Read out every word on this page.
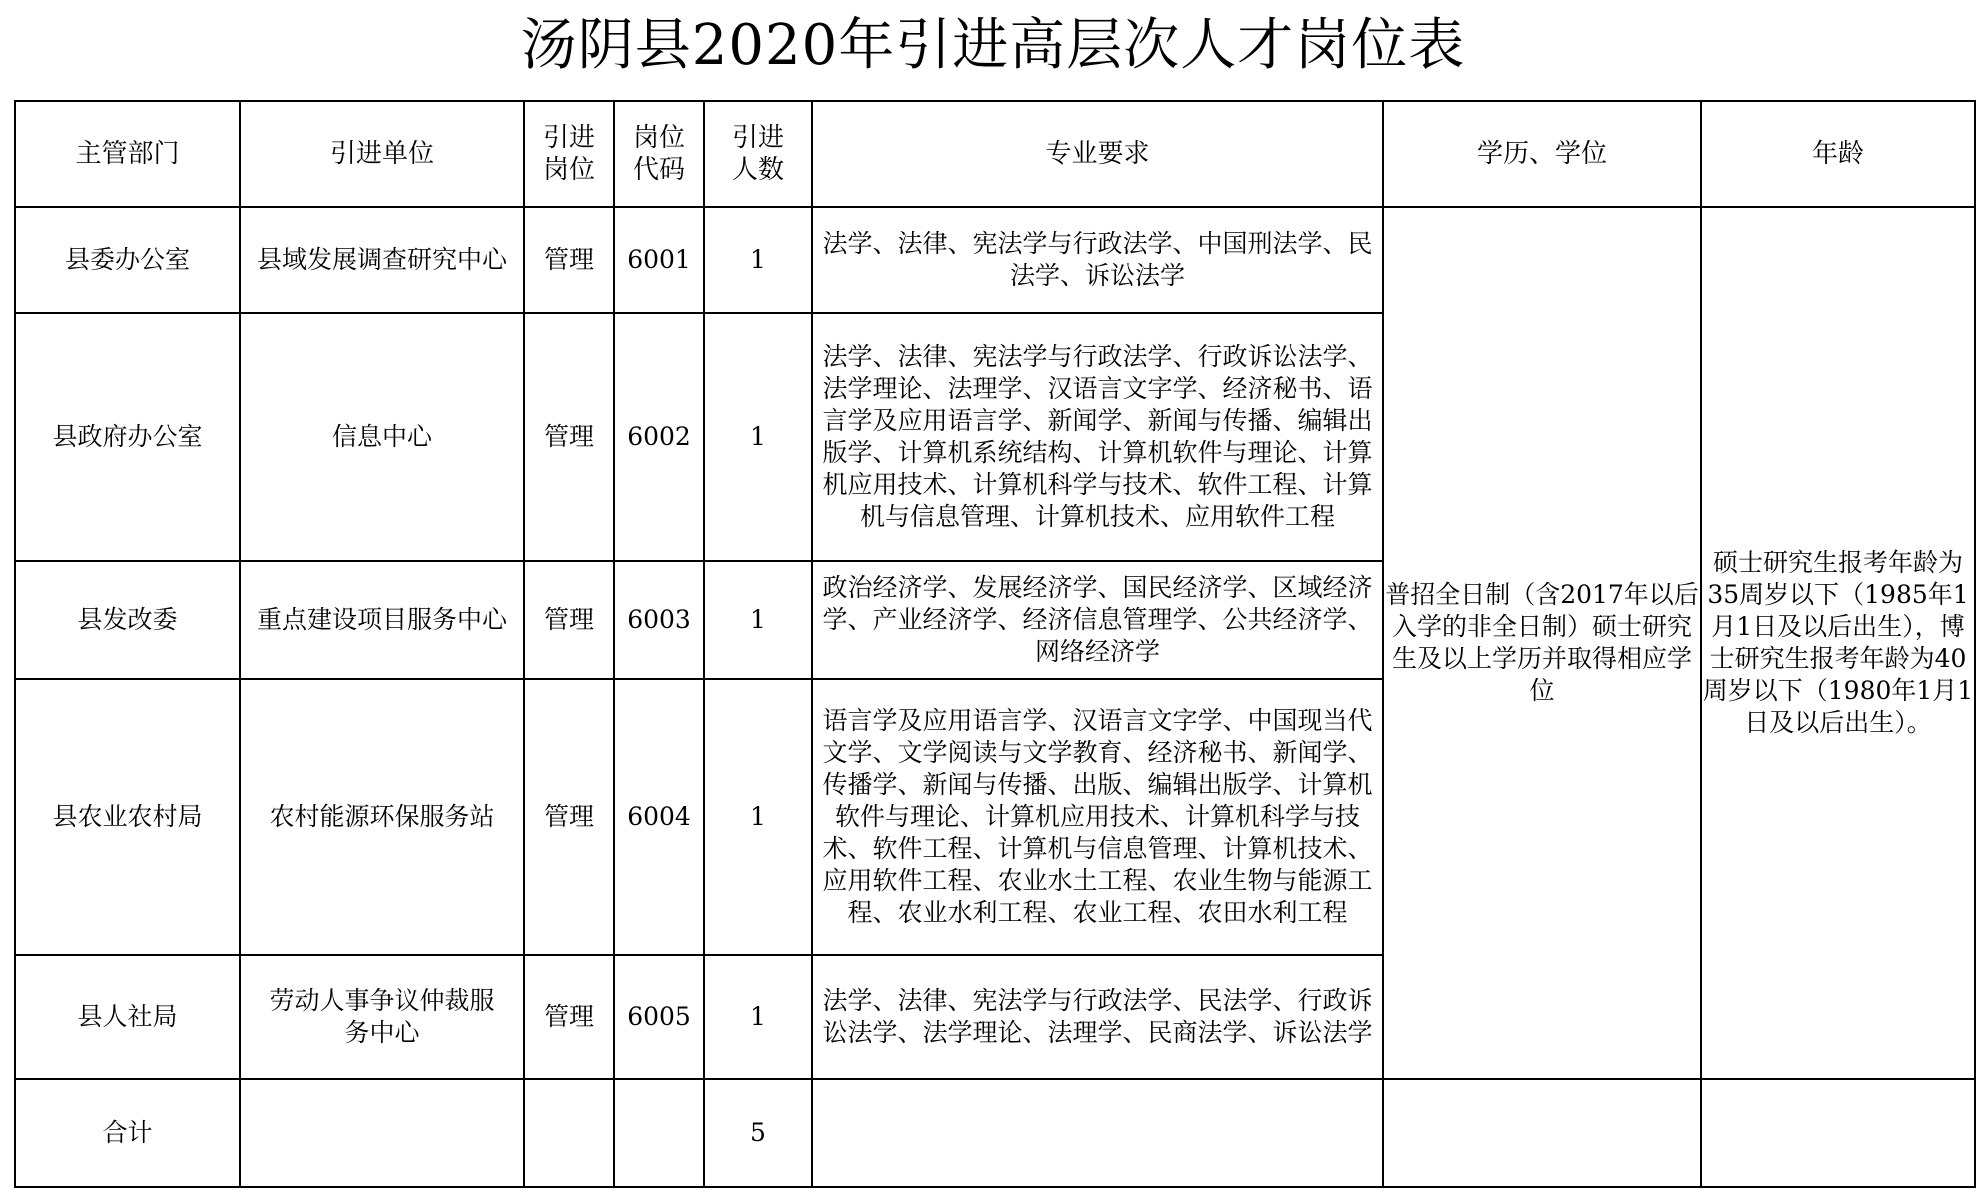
汤阴县2020年引进高层次人才岗位表
主管部门	引进单位	引进岗位	岗位代码	引进人数	专业要求	学历、学位	年龄
县委办公室	县域发展调查研究中心	管理	6001	1	法学、法律、宪法学与行政法学、中国刑法学、民法学、诉讼法学	普招全日制（含2017年以后入学的非全日制）硕士研究生及以上学历并取得相应学位	硕士研究生报考年龄为35周岁以下（1985年1月1日及以后出生），博士研究生报考年龄为40周岁以下（1980年1月1日及以后出生）。
县政府办公室	信息中心	管理	6002	1	法学、法律、宪法学与行政法学、行政诉讼法学、法学理论、法理学、汉语言文字学、经济秘书、语言学及应用语言学、新闻学、新闻与传播、编辑出版学、计算机系统结构、计算机软件与理论、计算机应用技术、计算机科学与技术、软件工程、计算机与信息管理、计算机技术、应用软件工程		
县发改委	重点建设项目服务中心	管理	6003	1	政治经济学、发展经济学、国民经济学、区域经济学、产业经济学、经济信息管理学、公共经济学、网络经济学		
县农业农村局	农村能源环保服务站	管理	6004	1	语言学及应用语言学、汉语言文字学、中国现当代文学、文学阅读与文学教育、经济秘书、新闻学、传播学、新闻与传播、出版、编辑出版学、计算机软件与理论、计算机应用技术、计算机科学与技术、软件工程、计算机与信息管理、计算机技术、应用软件工程、农业水土工程、农业生物与能源工程、农业水利工程、农业工程、农田水利工程		
县人社局	劳动人事争议仲裁服务中心	管理	6005	1	法学、法律、宪法学与行政法学、民法学、行政诉讼法学、法学理论、法理学、民商法学、诉讼法学		
合计				5			
